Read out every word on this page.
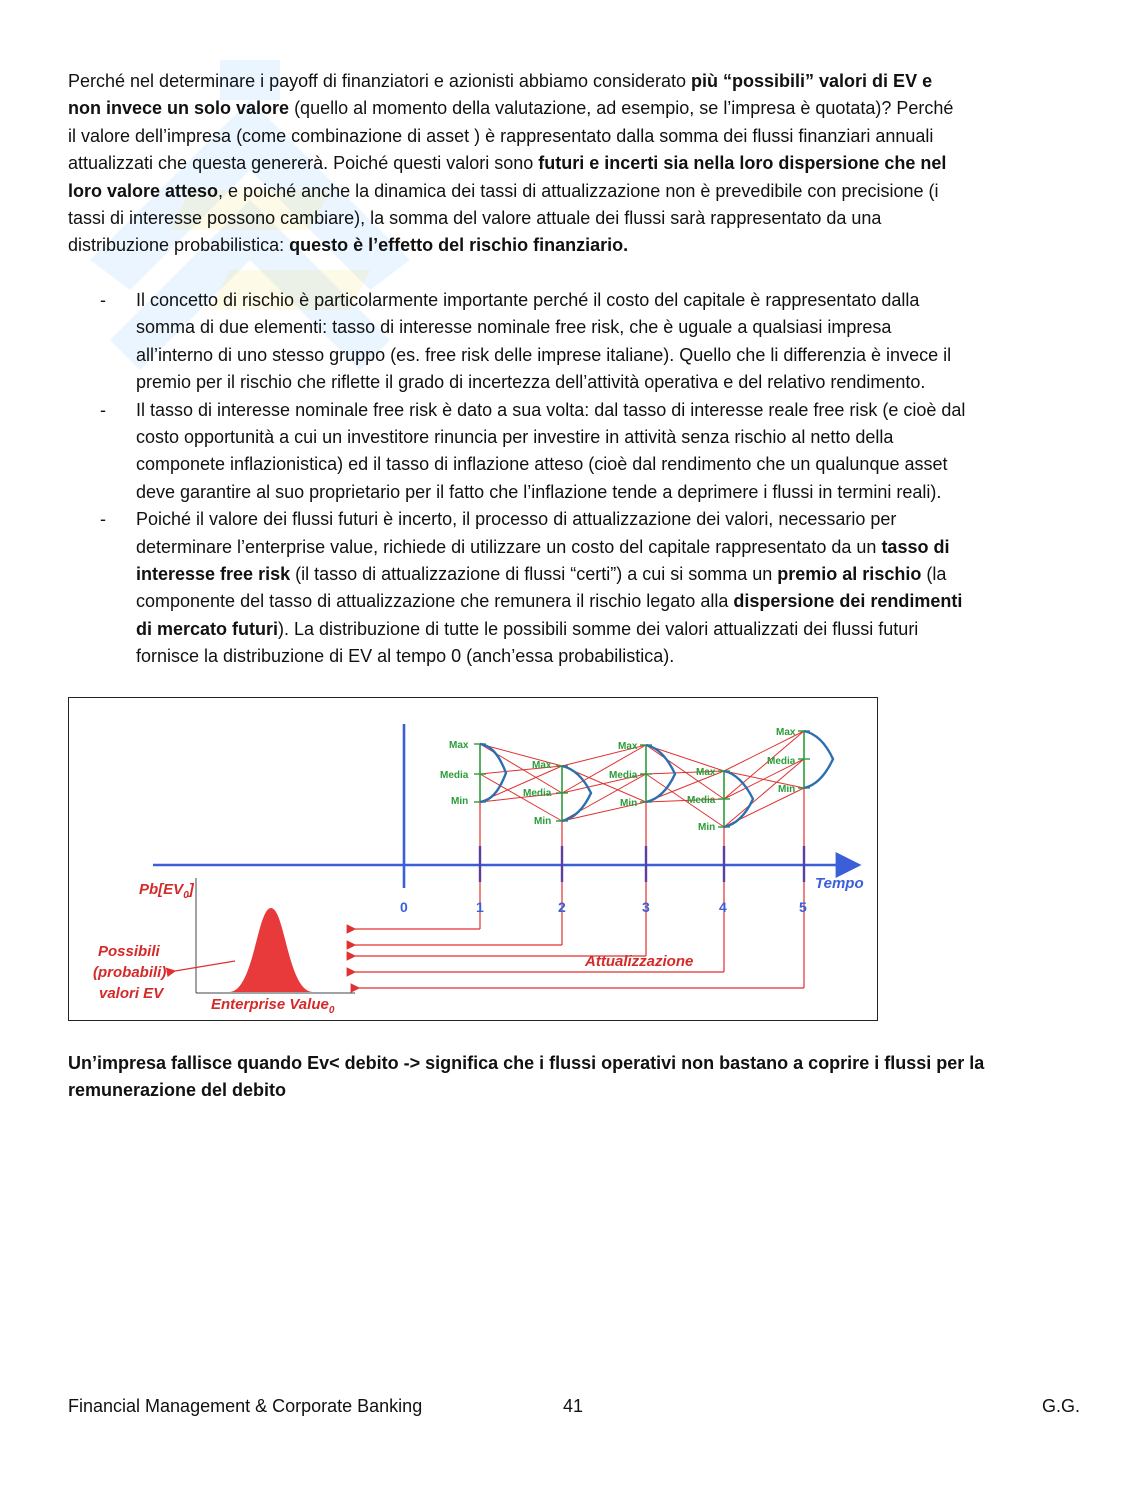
Perché nel determinare i payoff di finanziatori e azionisti abbiamo considerato più “possibili” valori di EV e
non invece un solo valore (quello al momento della valutazione, ad esempio, se l’impresa è quotata)? Perché
il valore dell’impresa (come combinazione di asset ) è rappresentato dalla somma dei flussi finanziari annuali
attualizzati che questa genererà. Poiché questi valori sono futuri e incerti sia nella loro dispersione che nel
loro valore atteso, e poiché anche la dinamica dei tassi di attualizzazione non è prevedibile con precisione (i
tassi di interesse possono cambiare), la somma del valore attuale dei flussi sarà rappresentato da una
distribuzione probabilistica: questo è l’effetto del rischio finanziario.

- Il concetto di rischio è particolarmente importante perché il costo del capitale è rappresentato dalla
somma di due elementi: tasso di interesse nominale free risk, che è uguale a qualsiasi impresa
all’interno di uno stesso gruppo (es. free risk delle imprese italiane). Quello che li differenzia è invece il
premio per il rischio che riflette il grado di incertezza dell’attività operativa e del relativo rendimento.
- Il tasso di interesse nominale free risk è dato a sua volta: dal tasso di interesse reale free risk (e cioè dal
costo opportunità a cui un investitore rinuncia per investire in attività senza rischio al netto della
componete inflazionistica) ed il tasso di inflazione atteso (cioè dal rendimento che un qualunque asset
deve garantire al suo proprietario per il fatto che l’inflazione tende a deprimere i flussi in termini reali).
- Poiché il valore dei flussi futuri è incerto, il processo di attualizzazione dei valori, necessario per
determinare l’enterprise value, richiede di utilizzare un costo del capitale rappresentato da un tasso di
interesse free risk (il tasso di attualizzazione di flussi “certi”) a cui si somma un premio al rischio (la
componente del tasso di attualizzazione che remunera il rischio legato alla dispersione dei rendimenti
di mercato futuri). La distribuzione di tutte le possibili somme dei valori attualizzati dei flussi futuri
fornisce la distribuzione di EV al tempo 0 (anch’essa probabilistica).
Max
Media
Min
Max
Media
Min
Max
Media
Min
Max
Media
Min
Max
Media
Min
0	1	2	3	4	5
Tempo
$Pb[EV_0]$
Possibili
(probabili)
valori EV
Enterprise Value$_0$
Attualizzazione

Un’impresa fallisce quando Ev< debito -> significa che i flussi operativi non bastano a coprire i flussi per la
remunerazione del debito

Financial Management & Corporate Banking	41	G.G.
